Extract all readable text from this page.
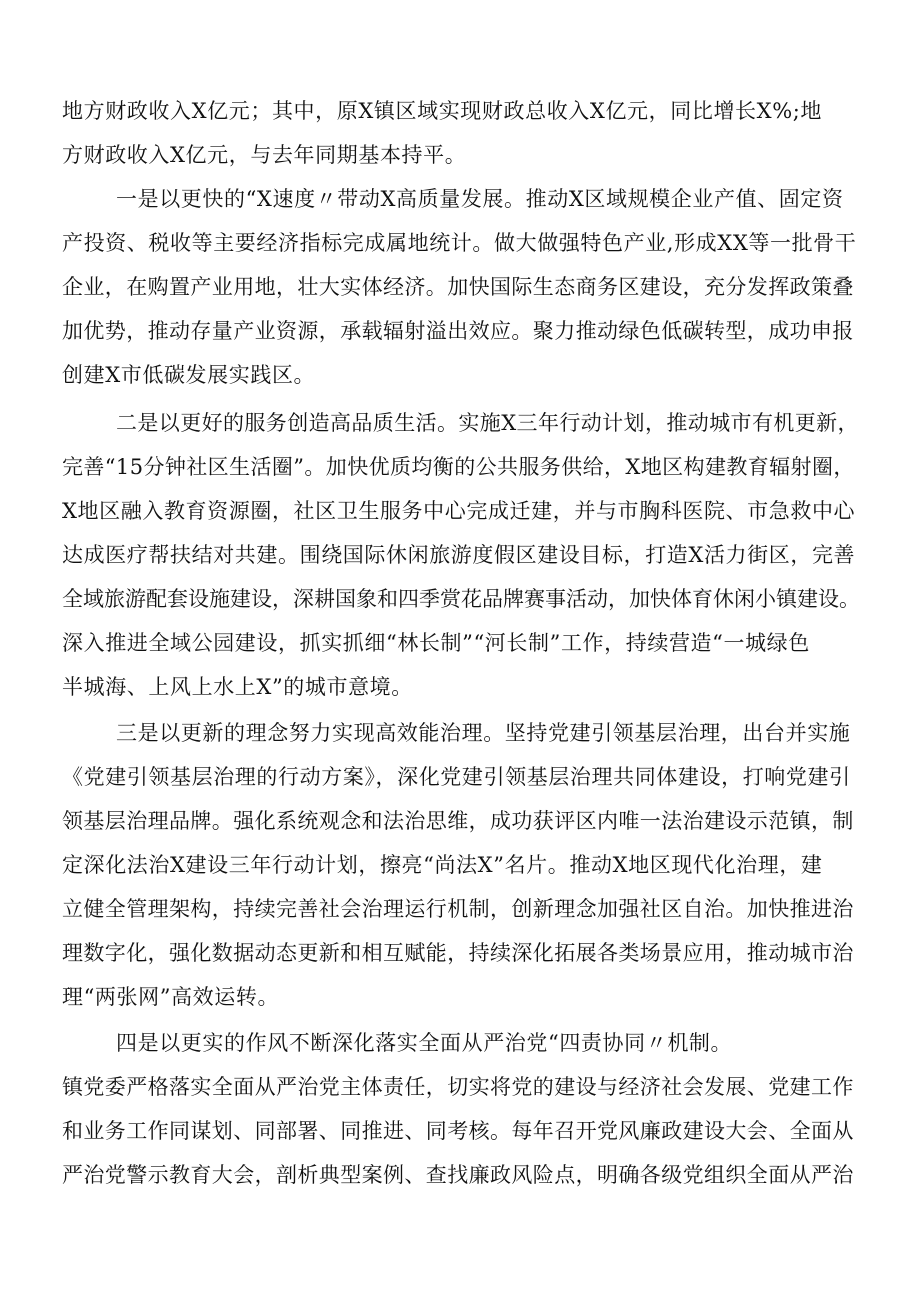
地方财政收入X亿元；其中，原X镇区域实现财政总收入X亿元，同比增长X%;地
方财政收入X亿元，与去年同期基本持平。
一是以更快的“X速度〃带动X高质量发展。推动X区域规模企业产值、固定资
产投资、税收等主要经济指标完成属地统计。做大做强特色产业,形成XX等一批骨干
企业，在购置产业用地，壮大实体经济。加快国际生态商务区建设，充分发挥政策叠
加优势，推动存量产业资源，承载辐射溢出效应。聚力推动绿色低碳转型，成功申报
创建X市低碳发展实践区。
二是以更好的服务创造高品质生活。实施X三年行动计划，推动城市有机更新，
完善“15分钟社区生活圈”。加快优质均衡的公共服务供给，X地区构建教育辐射圈，
X地区融入教育资源圈，社区卫生服务中心完成迁建，并与市胸科医院、市急救中心
达成医疗帮扶结对共建。围绕国际休闲旅游度假区建设目标，打造X活力街区，完善
全域旅游配套设施建设，深耕国象和四季赏花品牌赛事活动，加快体育休闲小镇建设。
深入推进全域公园建设，抓实抓细“林长制”“河长制”工作，持续营造“一城绿色
半城海、上风上水上X”的城市意境。
三是以更新的理念努力实现高效能治理。坚持党建引领基层治理，出台并实施
《党建引领基层治理的行动方案》，深化党建引领基层治理共同体建设，打响党建引
领基层治理品牌。强化系统观念和法治思维，成功获评区内唯一法治建设示范镇，制
定深化法治X建设三年行动计划，擦亮“尚法X”名片。推动X地区现代化治理，建
立健全管理架构，持续完善社会治理运行机制，创新理念加强社区自治。加快推进治
理数字化，强化数据动态更新和相互赋能，持续深化拓展各类场景应用，推动城市治
理“两张网”高效运转。
四是以更实的作风不断深化落实全面从严治党“四责协同〃机制。
镇党委严格落实全面从严治党主体责任，切实将党的建设与经济社会发展、党建工作
和业务工作同谋划、同部署、同推进、同考核。每年召开党风廉政建设大会、全面从
严治党警示教育大会，剖析典型案例、查找廉政风险点，明确各级党组织全面从严治
